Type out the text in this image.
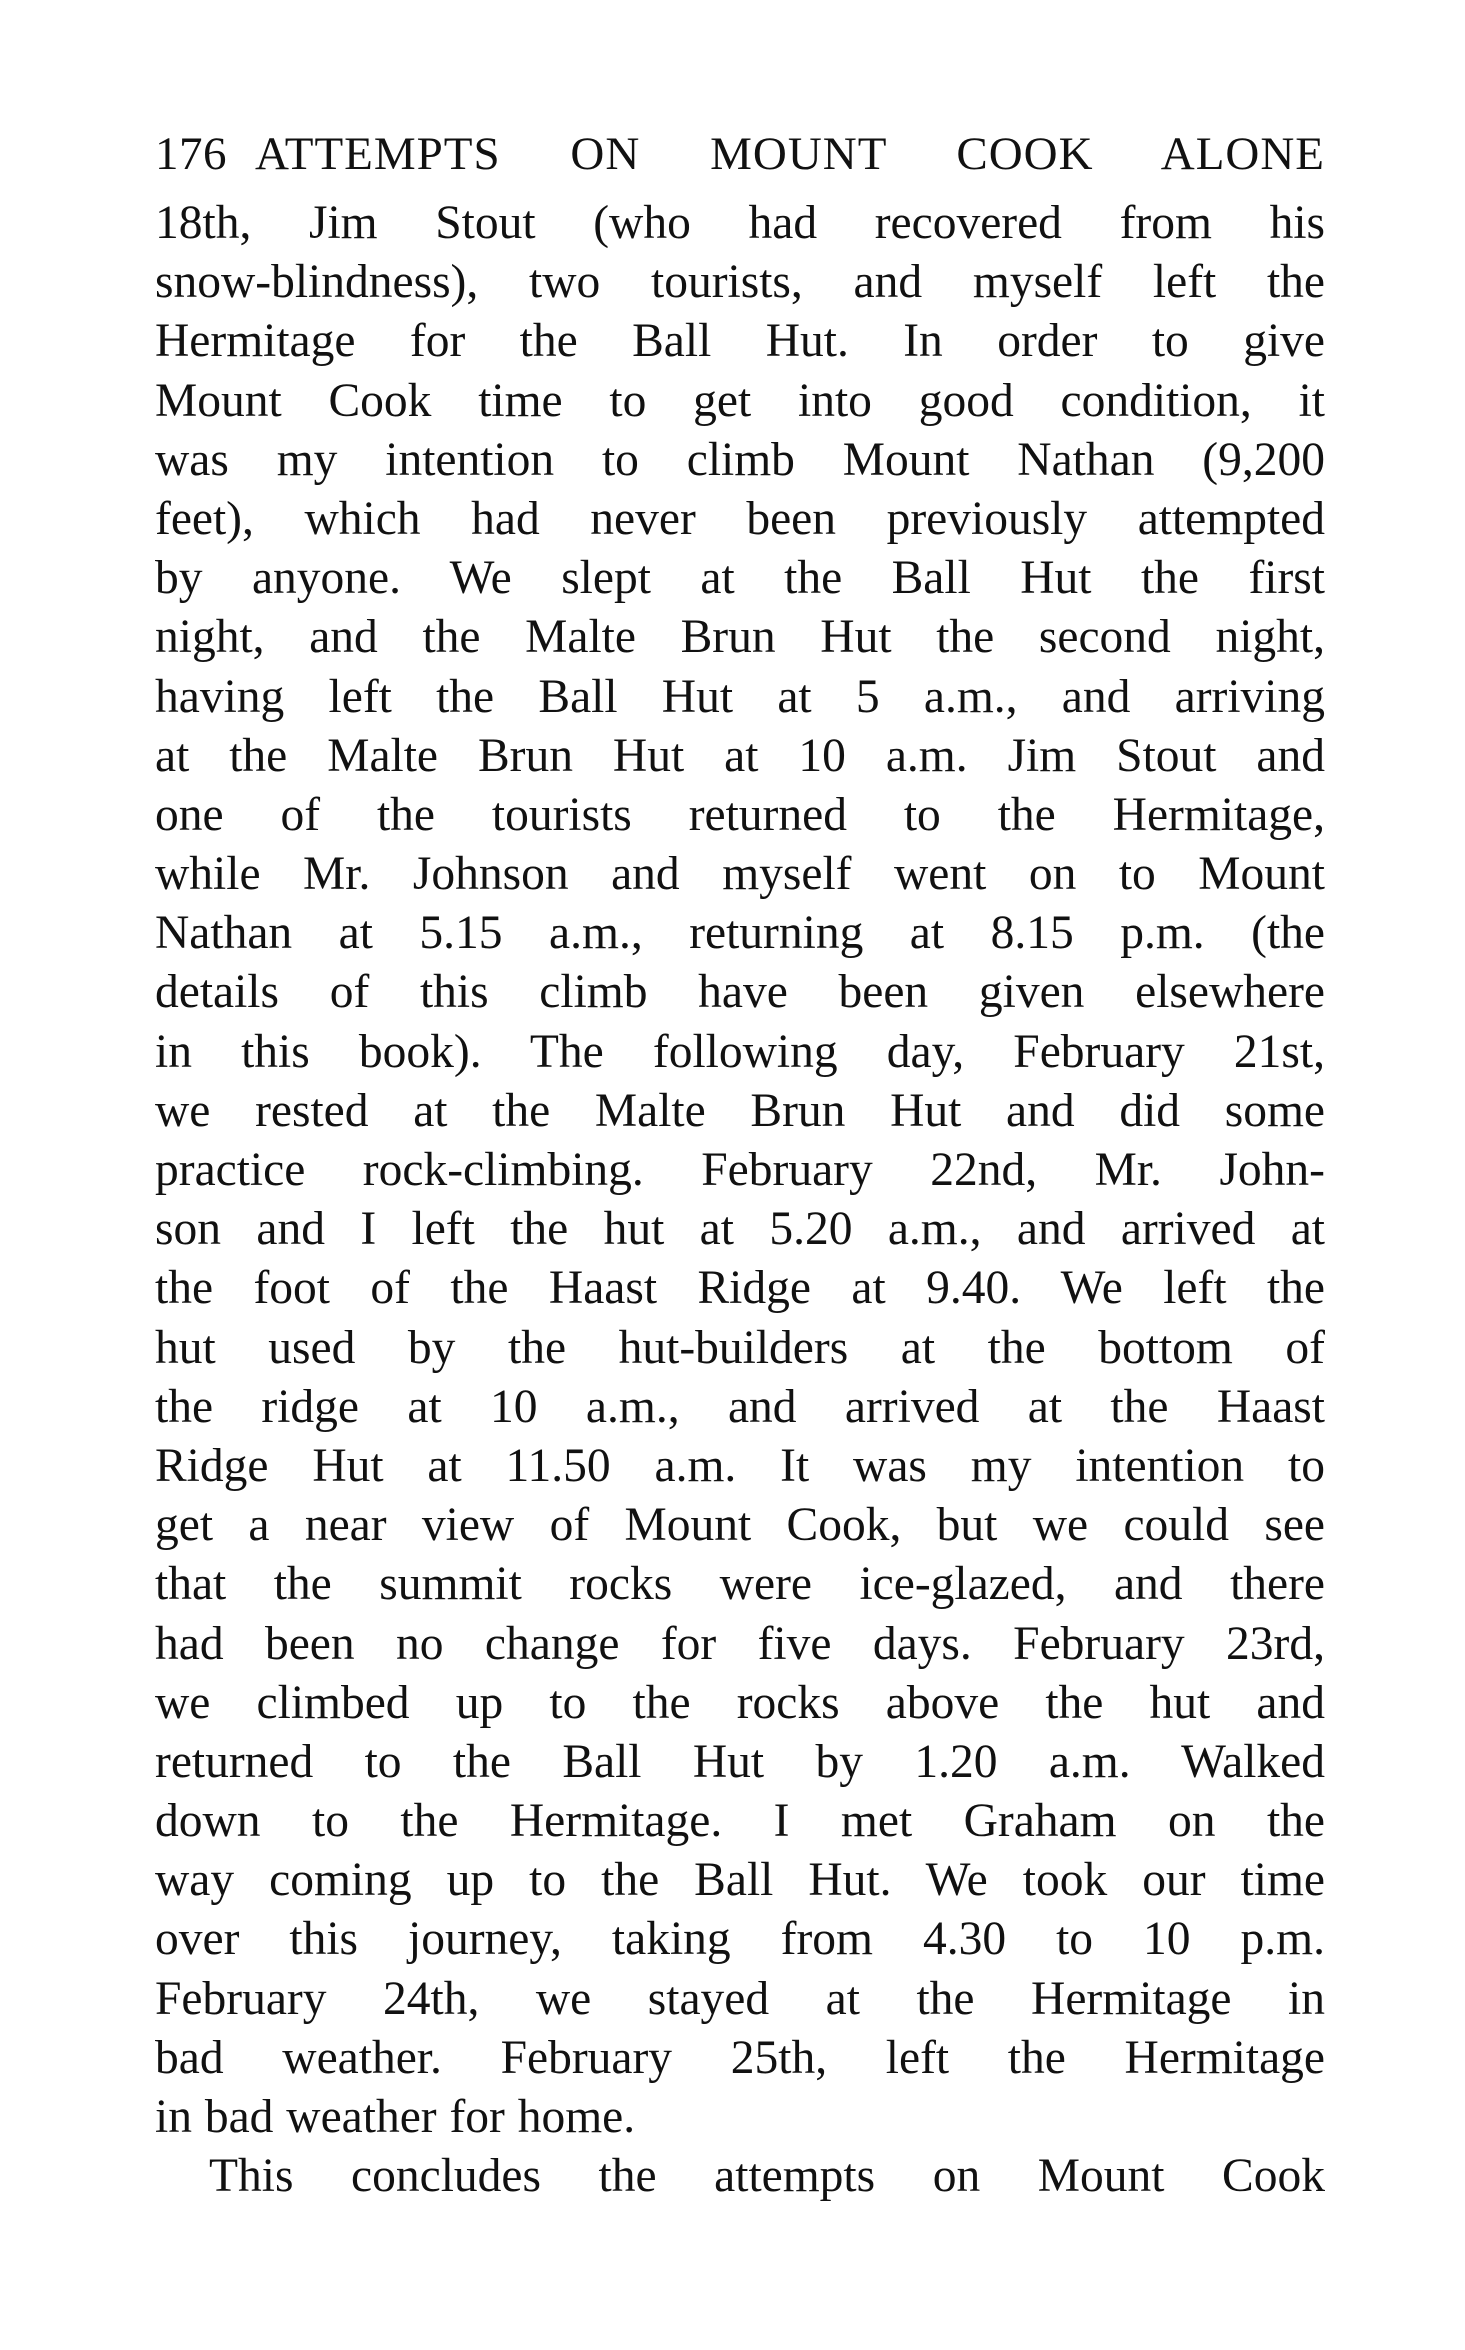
176 ATTEMPTS ON MOUNT COOK ALONE
18th, Jim Stout (who had recovered from his
snow-blindness), two tourists, and myself left the
Hermitage for the Ball Hut. In order to give
Mount Cook time to get into good condition, it
was my intention to climb Mount Nathan (9,200
feet), which had never been previously attempted
by anyone. We slept at the Ball Hut the first
night, and the Malte Brun Hut the second night,
having left the Ball Hut at 5 a.m., and arriving
at the Malte Brun Hut at 10 a.m. Jim Stout and
one of the tourists returned to the Hermitage,
while Mr. Johnson and myself went on to Mount
Nathan at 5.15 a.m., returning at 8.15 p.m. (the
details of this climb have been given elsewhere
in this book). The following day, February 21st,
we rested at the Malte Brun Hut and did some
practice rock-climbing. February 22nd, Mr. John-
son and I left the hut at 5.20 a.m., and arrived at
the foot of the Haast Ridge at 9.40. We left the
hut used by the hut-builders at the bottom of
the ridge at 10 a.m., and arrived at the Haast
Ridge Hut at 11.50 a.m. It was my intention to
get a near view of Mount Cook, but we could see
that the summit rocks were ice-glazed, and there
had been no change for five days. February 23rd,
we climbed up to the rocks above the hut and
returned to the Ball Hut by 1.20 a.m. Walked
down to the Hermitage. I met Graham on the
way coming up to the Ball Hut. We took our time
over this journey, taking from 4.30 to 10 p.m.
February 24th, we stayed at the Hermitage in
bad weather. February 25th, left the Hermitage
in bad weather for home.
This concludes the attempts on Mount Cook
